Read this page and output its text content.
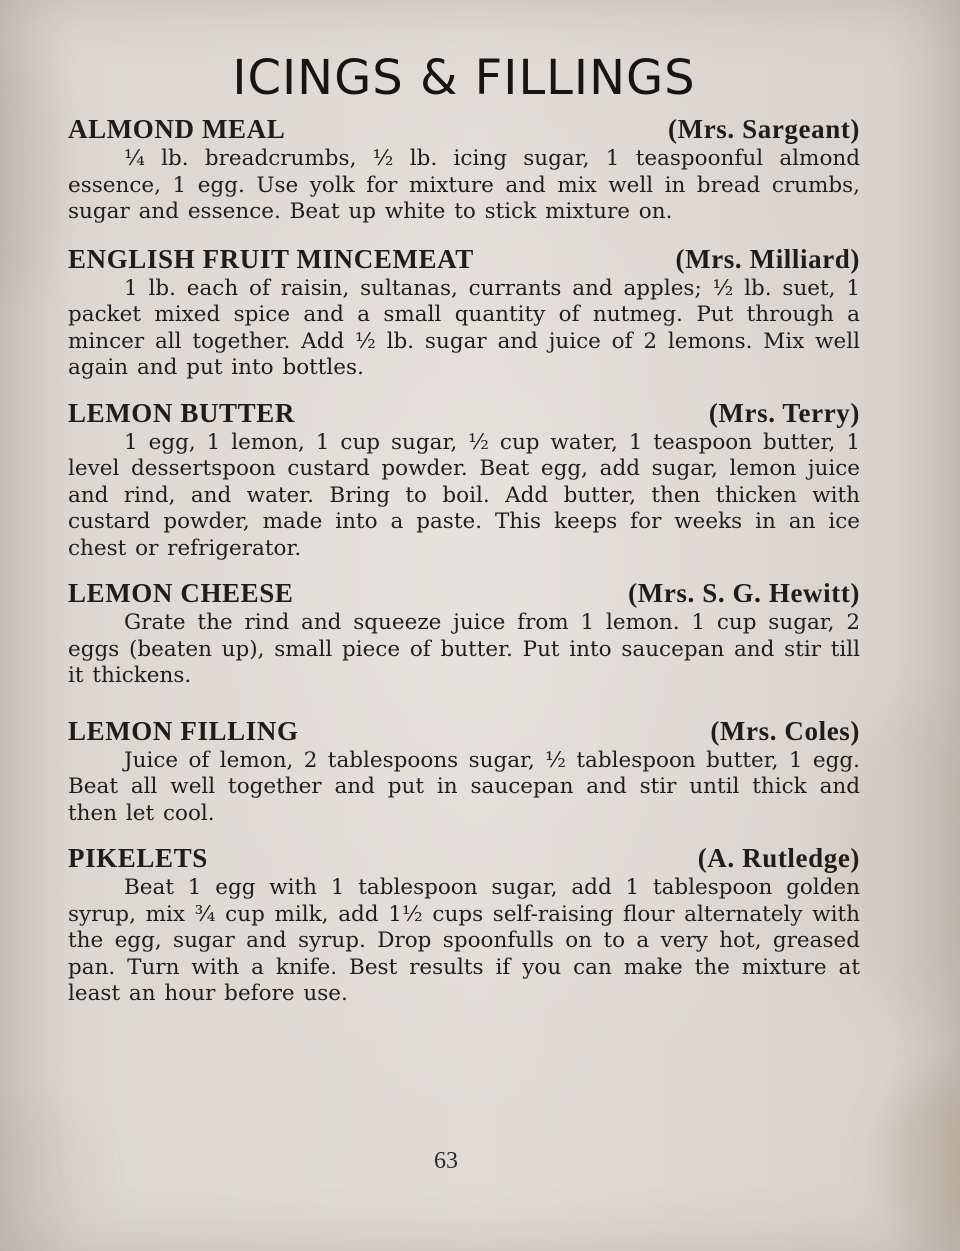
ICINGS & FILLINGS
ALMOND MEAL	(Mrs. Sargeant)
¼ lb. breadcrumbs, ½ lb. icing sugar, 1 teaspoonful almond essence, 1 egg. Use yolk for mixture and mix well in bread crumbs, sugar and essence. Beat up white to stick mixture on.
ENGLISH FRUIT MINCEMEAT	(Mrs. Milliard)
1 lb. each of raisin, sultanas, currants and apples; ½ lb. suet, 1 packet mixed spice and a small quantity of nutmeg. Put through a mincer all together. Add ½ lb. sugar and juice of 2 lemons. Mix well again and put into bottles.
LEMON BUTTER	(Mrs. Terry)
1 egg, 1 lemon, 1 cup sugar, ½ cup water, 1 teaspoon butter, 1 level dessertspoon custard powder. Beat egg, add sugar, lemon juice and rind, and water. Bring to boil. Add butter, then thicken with custard powder, made into a paste. This keeps for weeks in an ice chest or refrigerator.
LEMON CHEESE	(Mrs. S. G. Hewitt)
Grate the rind and squeeze juice from 1 lemon. 1 cup sugar, 2 eggs (beaten up), small piece of butter. Put into saucepan and stir till it thickens.
LEMON FILLING	(Mrs. Coles)
Juice of lemon, 2 tablespoons sugar, ½ tablespoon butter, 1 egg. Beat all well together and put in saucepan and stir until thick and then let cool.
PIKELETS	(A. Rutledge)
Beat 1 egg with 1 tablespoon sugar, add 1 tablespoon golden syrup, mix ¾ cup milk, add 1½ cups self-raising flour alternately with the egg, sugar and syrup. Drop spoonfulls on to a very hot, greased pan. Turn with a knife. Best results if you can make the mixture at least an hour before use.
63
